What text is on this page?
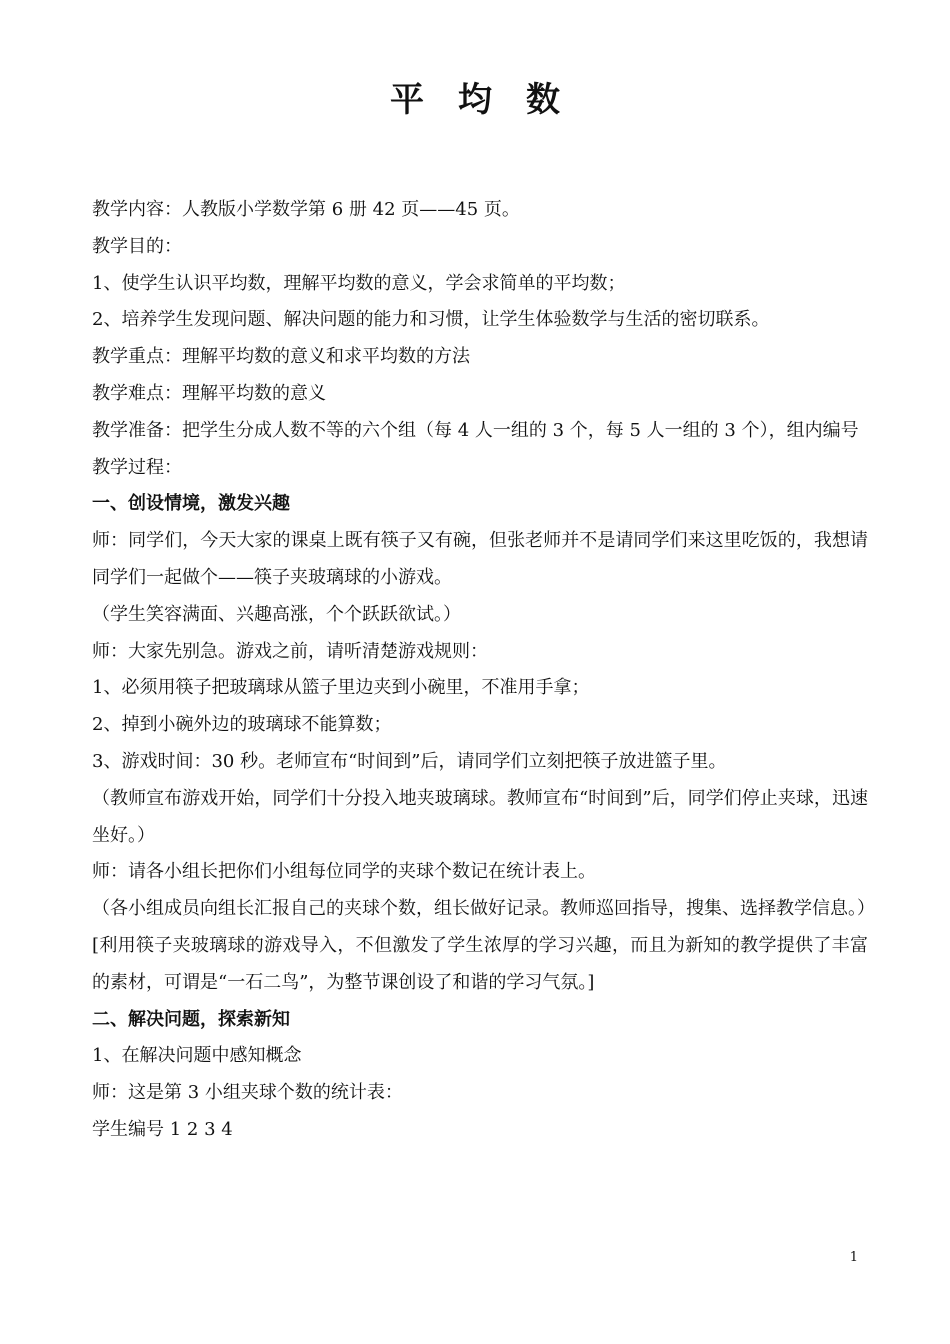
平　均　数

教学内容：人教版小学数学第 6 册 42 页——45 页。

教学目的：

1、使学生认识平均数，理解平均数的意义，学会求简单的平均数；

2、培养学生发现问题、解决问题的能力和习惯，让学生体验数学与生活的密切联系。

教学重点：理解平均数的意义和求平均数的方法

教学难点：理解平均数的意义

教学准备：把学生分成人数不等的六个组（每 4 人一组的 3 个，每 5 人一组的 3 个），组内编号

教学过程：

一、创设情境，激发兴趣

师：同学们，今天大家的课桌上既有筷子又有碗，但张老师并不是请同学们来这里吃饭的，我想请同学们一起做个——筷子夹玻璃球的小游戏。

（学生笑容满面、兴趣高涨，个个跃跃欲试。）

师：大家先别急。游戏之前，请听清楚游戏规则：

1、必须用筷子把玻璃球从篮子里边夹到小碗里，不准用手拿；

2、掉到小碗外边的玻璃球不能算数；

3、游戏时间：30 秒。老师宣布“时间到”后，请同学们立刻把筷子放进篮子里。

（教师宣布游戏开始，同学们十分投入地夹玻璃球。教师宣布“时间到”后，同学们停止夹球，迅速坐好。）

师：请各小组长把你们小组每位同学的夹球个数记在统计表上。

（各小组成员向组长汇报自己的夹球个数，组长做好记录。教师巡回指导，搜集、选择教学信息。）

[利用筷子夹玻璃球的游戏导入，不但激发了学生浓厚的学习兴趣，而且为新知的教学提供了丰富的素材，可谓是“一石二鸟”，为整节课创设了和谐的学习气氛。]

二、解决问题，探索新知

1、在解决问题中感知概念

师：这是第 3 小组夹球个数的统计表：

学生编号 1 2 3 4

1
